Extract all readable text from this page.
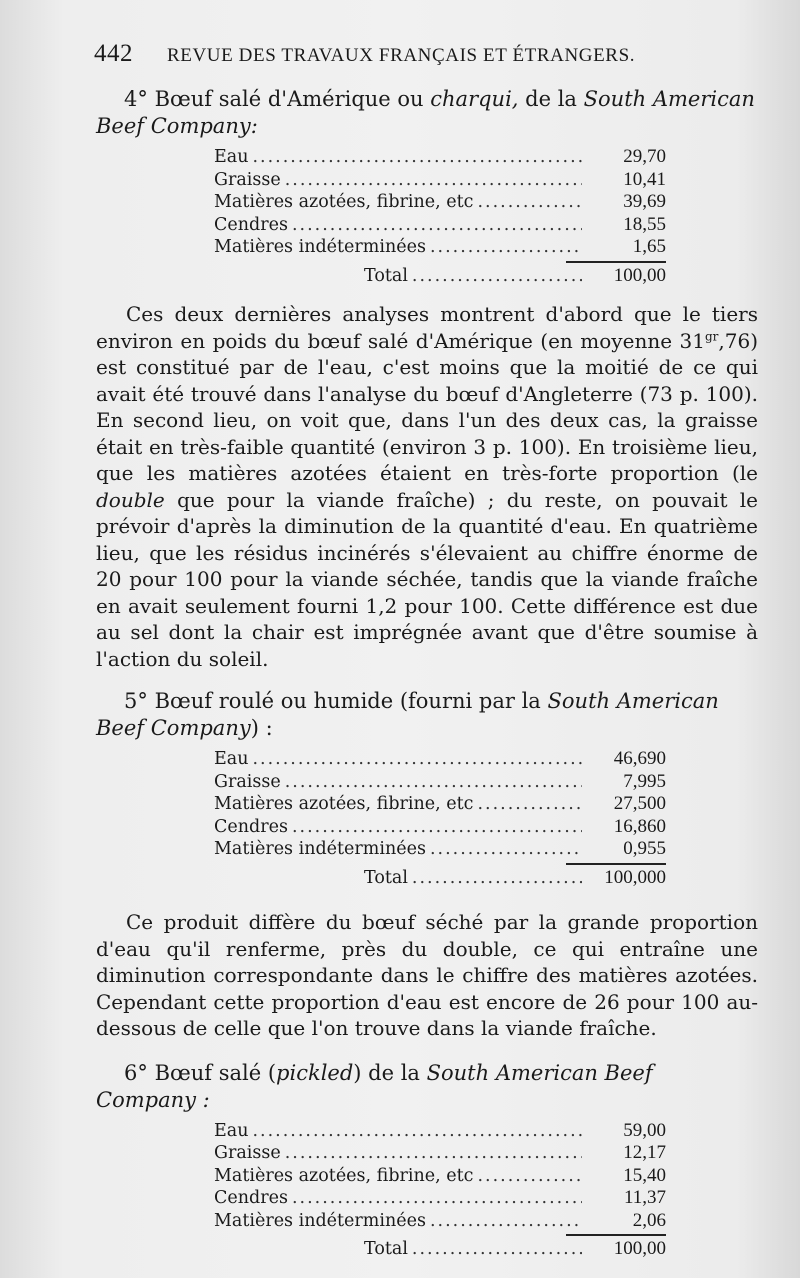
442 REVUE DES TRAVAUX FRANÇAIS ET ÉTRANGERS.
4° Bœuf salé d'Amérique ou charqui, de la South American Beef Company:
Eau .....	29,70
Graisse .....	10,41
Matières azotées, fibrine, etc .....	39,69
Cendres .....	18,55
Matières indéterminées .....	1,65
Total .....	100,00
Ces deux dernières analyses montrent d'abord que le tiers environ en poids du bœuf salé d'Amérique (en moyenne $31^{gr},76$) est constitué par de l'eau, c'est moins que la moitié de ce qui avait été trouvé dans l'analyse du bœuf d'Angleterre (73 p. 100). En second lieu, on voit que, dans l'un des deux cas, la graisse était en très-faible quantité (environ 3 p. 100). En troisième lieu, que les matières azotées étaient en très-forte proportion (le double que pour la viande fraîche) ; du reste, on pouvait le prévoir d'après la diminution de la quantité d'eau. En quatrième lieu, que les résidus incinérés s'élevaient au chiffre énorme de 20 pour 100 pour la viande séchée, tandis que la viande fraîche en avait seulement fourni 1,2 pour 100. Cette différence est due au sel dont la chair est imprégnée avant que d'être soumise à l'action du soleil.
5° Bœuf roulé ou humide (fourni par la South American Beef Company) :
Eau .....	46,690
Graisse .....	7,995
Matières azotées, fibrine, etc .....	27,500
Cendres .....	16,860
Matières indéterminées .....	0,955
Total .....	100,000
Ce produit diffère du bœuf séché par la grande proportion d'eau qu'il renferme, près du double, ce qui entraîne une diminution correspondante dans le chiffre des matières azotées. Cependant cette proportion d'eau est encore de 26 pour 100 au-dessous de celle que l'on trouve dans la viande fraîche.
6° Bœuf salé (pickled) de la South American Beef Company :
Eau .....	59,00
Graisse .....	12,17
Matières azotées, fibrine, etc .....	15,40
Cendres .....	11,37
Matières indéterminées .....	2,06
Total .....	100,00
